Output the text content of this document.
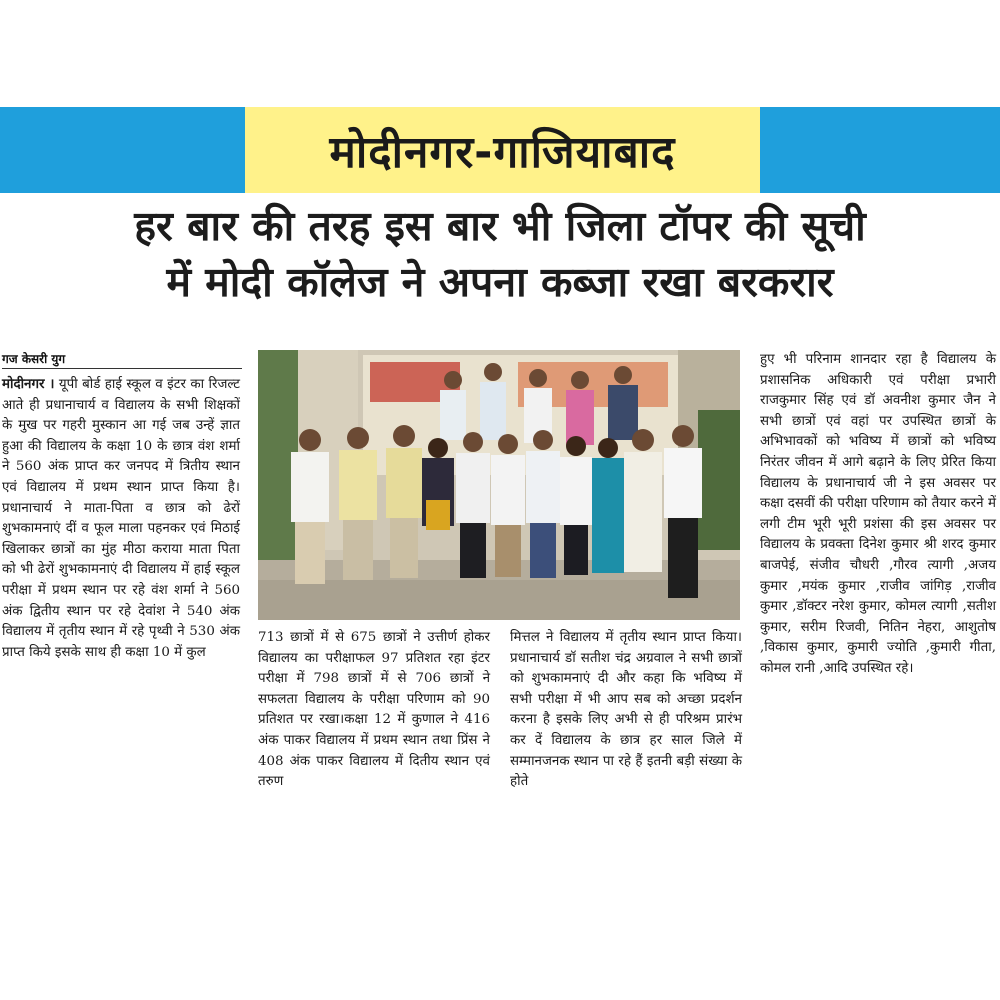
मोदीनगर-गाजियाबाद
हर बार की तरह इस बार भी जिला टॉपर की सूची
में मोदी कॉलेज ने अपना कब्जा रखा बरकरार
गज केसरी युग

मोदीनगर । यूपी बोर्ड हाई स्कूल व इंटर का रिजल्ट आते ही प्रधानाचार्य व विद्यालय के सभी शिक्षकों के मुख पर गहरी मुस्कान आ गई जब उन्हें ज्ञात हुआ की विद्यालय के कक्षा 10 के छात्र वंश शर्मा ने 560 अंक प्राप्त कर जनपद में त्रितीय स्थान एवं विद्यालय में प्रथम स्थान प्राप्त किया है। प्रधानाचार्य ने माता-पिता व छात्र को ढेरों शुभकामनाएं दीं व फूल माला पहनकर एवं मिठाई खिलाकर छात्रों का मुंह मीठा कराया माता पिता को भी ढेरों शुभकामनाएं दी विद्यालय में हाई स्कूल परीक्षा में प्रथम स्थान पर रहे वंश शर्मा ने 560 अंक द्वितीय स्थान पर रहे देवांश ने 540 अंक विद्यालय में तृतीय स्थान में रहे पृथ्वी ने 530 अंक प्राप्त किये इसके साथ ही कक्षा 10 में कुल

713 छात्रों में से 675 छात्रों ने उत्तीर्ण होकर विद्यालय का परीक्षाफल 97 प्रतिशत रहा इंटर परीक्षा में 798 छात्रों में से 706 छात्रों ने सफलता विद्यालय के परीक्षा परिणाम को 90 प्रतिशत पर रखा।कक्षा 12 में कुणाल ने 416 अंक पाकर विद्यालय में प्रथम स्थान तथा प्रिंस ने 408 अंक पाकर विद्यालय में दितीय स्थान एवं तरुण

मित्तल ने विद्यालय में तृतीय स्थान प्राप्त किया।प्रधानाचार्य डॉ सतीश चंद्र अग्रवाल ने सभी छात्रों को शुभकामनाएं दी और कहा कि भविष्य में सभी परीक्षा में भी आप सब को अच्छा प्रदर्शन करना है इसके लिए अभी से ही परिश्रम प्रारंभ कर दें विद्यालय के छात्र हर साल जिले में सम्मानजनक स्थान पा रहे हैं इतनी बड़ी संख्या के होते

हुए भी परिनाम शानदार रहा है विद्यालय के प्रशासनिक अधिकारी एवं परीक्षा प्रभारी राजकुमार सिंह एवं डॉ अवनीश कुमार जैन ने सभी छात्रों एवं वहां पर उपस्थित छात्रों के अभिभावकों को भविष्य में छात्रों को भविष्य निरंतर जीवन में आगे बढ़ाने के लिए प्रेरित किया विद्यालय के प्रधानाचार्य जी ने इस अवसर पर कक्षा दसवीं की परीक्षा परिणाम को तैयार करने में लगी टीम भूरी भूरी प्रशंसा की इस अवसर पर विद्यालय के प्रवक्ता दिनेश कुमार श्री शरद कुमार बाजपेई, संजीव चौधरी ,गौरव त्यागी ,अजय कुमार ,मयंक कुमार ,राजीव जांगिड़ ,राजीव कुमार ,डॉक्टर नरेश कुमार, कोमल त्यागी ,सतीश कुमार, सरीम रिजवी, नितिन नेहरा, आशुतोष ,विकास कुमार, कुमारी ज्योति ,कुमारी गीता, कोमल रानी ,आदि उपस्थित रहे।
